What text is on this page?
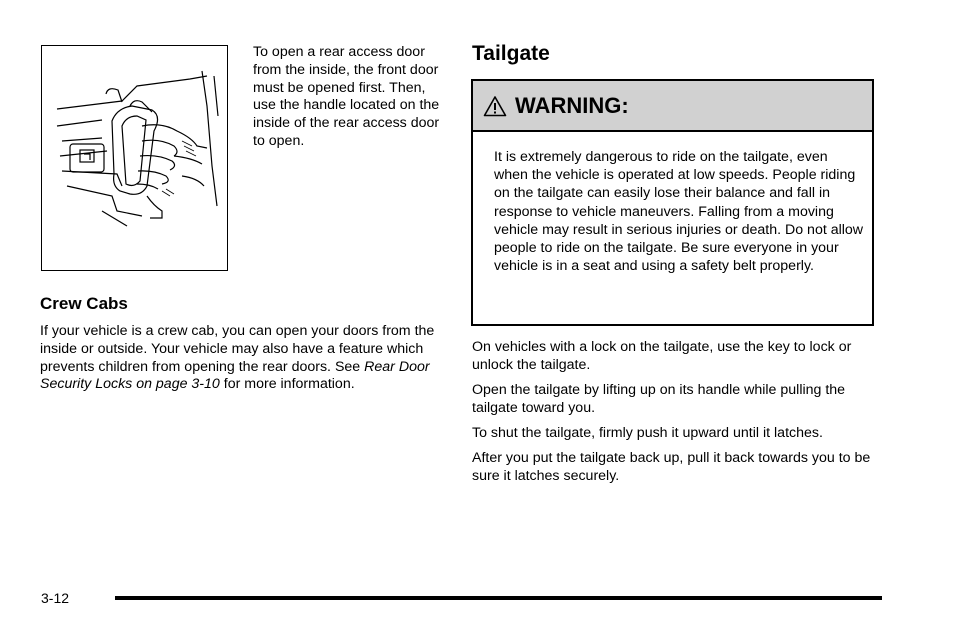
To open a rear access door from the inside, the front door must be opened first. Then, use the handle located on the inside of the rear access door to open.

Crew Cabs

If your vehicle is a crew cab, you can open your doors from the inside or outside. Your vehicle may also have a feature which prevents children from opening the rear doors. See Rear Door Security Locks on page 3-10 for more information.

Tailgate
WARNING:

It is extremely dangerous to ride on the tailgate, even when the vehicle is operated at low speeds. People riding on the tailgate can easily lose their balance and fall in response to vehicle maneuvers. Falling from a moving vehicle may result in serious injuries or death. Do not allow people to ride on the tailgate. Be sure everyone in your vehicle is in a seat and using a safety belt properly.

On vehicles with a lock on the tailgate, use the key to lock or unlock the tailgate.

Open the tailgate by lifting up on its handle while pulling the tailgate toward you.

To shut the tailgate, firmly push it upward until it latches.

After you put the tailgate back up, pull it back towards you to be sure it latches securely.

3-12
